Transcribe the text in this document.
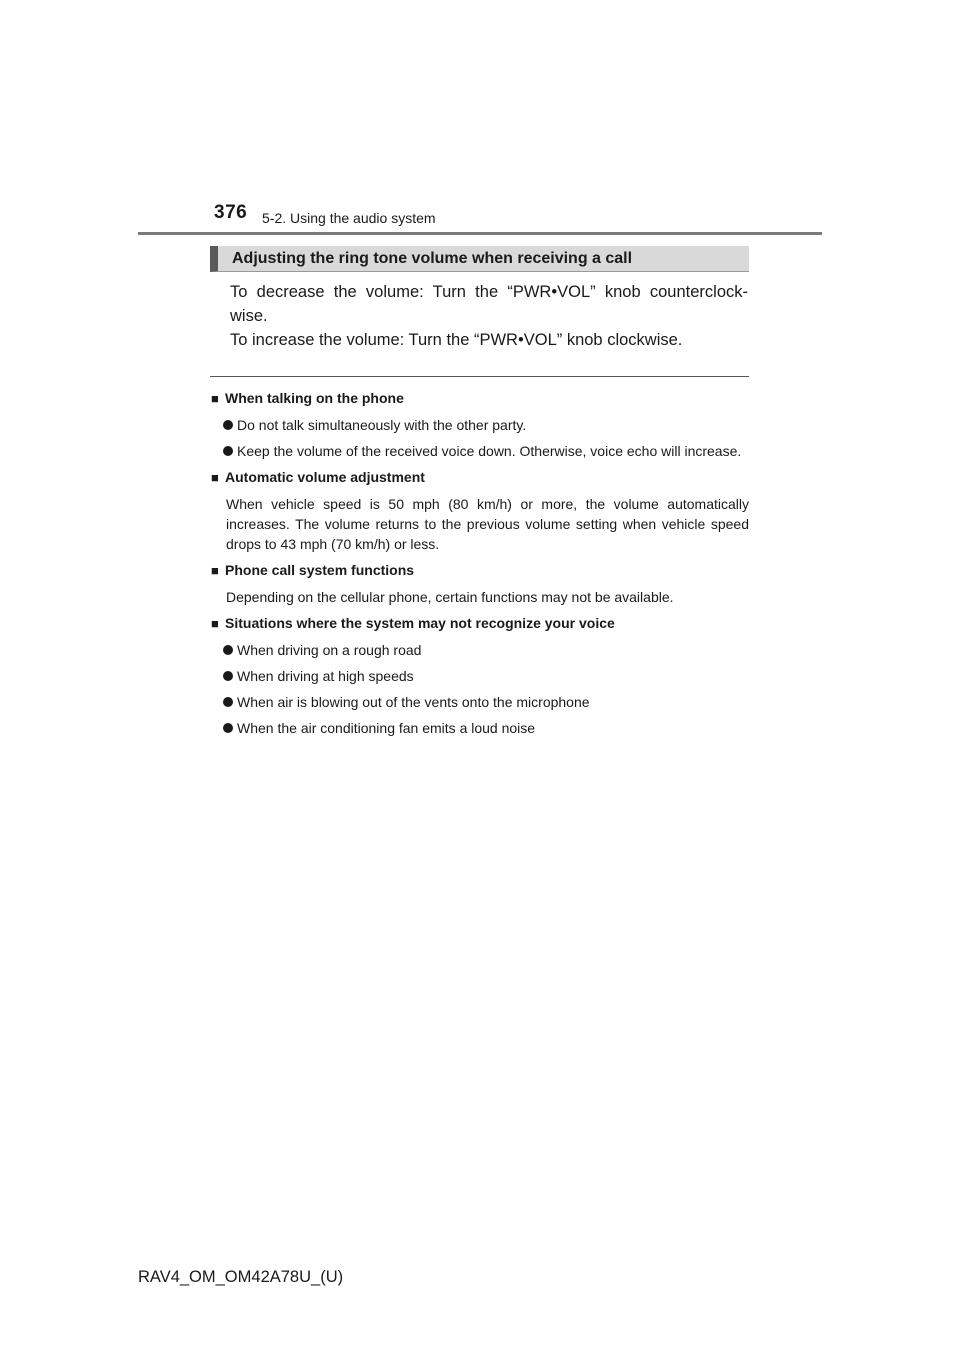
376 5-2. Using the audio system
Adjusting the ring tone volume when receiving a call

To decrease the volume: Turn the “PWR•VOL” knob counterclock-wise.

To increase the volume: Turn the “PWR•VOL” knob clockwise.

■ When talking on the phone
Do not talk simultaneously with the other party.
Keep the volume of the received voice down. Otherwise, voice echo will increase.
■ Automatic volume adjustment
When vehicle speed is 50 mph (80 km/h) or more, the volume automatically increases. The volume returns to the previous volume setting when vehicle speed drops to 43 mph (70 km/h) or less.
■ Phone call system functions
Depending on the cellular phone, certain functions may not be available.
■ Situations where the system may not recognize your voice
When driving on a rough road
When driving at high speeds
When air is blowing out of the vents onto the microphone
When the air conditioning fan emits a loud noise
RAV4_OM_OM42A78U_(U)
